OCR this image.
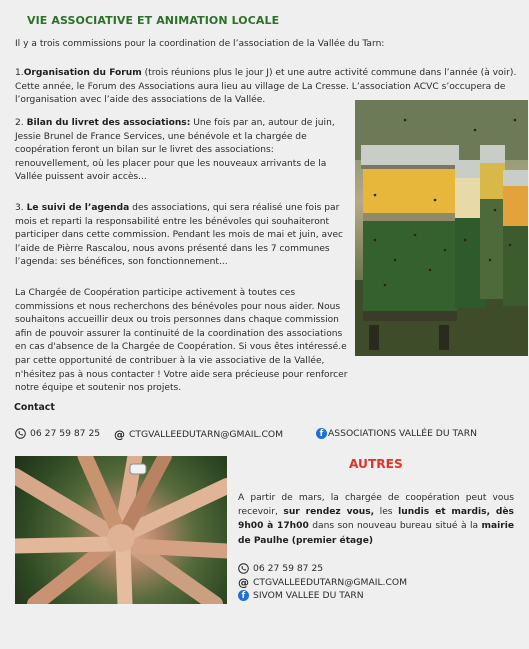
VIE ASSOCIATIVE ET ANIMATION LOCALE
Il y a trois commissions pour la coordination de l’association de la Vallée du Tarn:
1.Organisation du Forum (trois réunions plus le jour J) et une autre activité commune dans l’année (à voir). Cette année, le Forum des Associations aura lieu au village de La Cresse. L’association ACVC s’occupera de l’organisation avec l’aide des associations de la Vallée.
2. Bilan du livret des associations: Une fois par an, autour de juin, Jessie Brunel de France Services, une bénévole et la chargée de coopération feront un bilan sur le livret des associations: renouvellement, où les placer pour que les nouveaux arrivants de la Vallée puissent avoir accès...
3. Le suivi de l’agenda des associations, qui sera réalisé une fois par mois et reparti la responsabilité entre les bénévoles qui souhaiteront participer dans cette commission. Pendant les mois de mai et juin, avec l’aide de Pièrre Rascalou, nous avons présenté dans les 7 communes l’agenda: ses bénéfices, son fonctionnement...
La Chargée de Coopération participe activement à toutes ces commissions et nous recherchons des bénévoles pour nous aider. Nous souhaitons accueillir deux ou trois personnes dans chaque commission afin de pouvoir assurer la continuité de la coordination des associations en cas d'absence de la Chargée de Coopération. Si vous êtes intéressé.e par cette opportunité de contribuer à la vie associative de la Vallée, n'hésitez pas à nous contacter ! Votre aide sera précieuse pour renforcer notre équipe et soutenir nos projets.
Contact
06 27 59 87 25 @ CTGVALLEEDUTARN@GMAIL.COM	f ASSOCIATIONS VALLÉE DU TARN
AUTRES
A partir de mars, la chargée de coopération peut vous recevoir, sur rendez vous, les lundis et mardis, dès 9h00 à 17h00 dans son nouveau bureau situé à la mairie de Paulhe (premier étage)
06 27 59 87 25
@ CTGVALLEEDUTARN@GMAIL.COM
f SIVOM VALLEE DU TARN
